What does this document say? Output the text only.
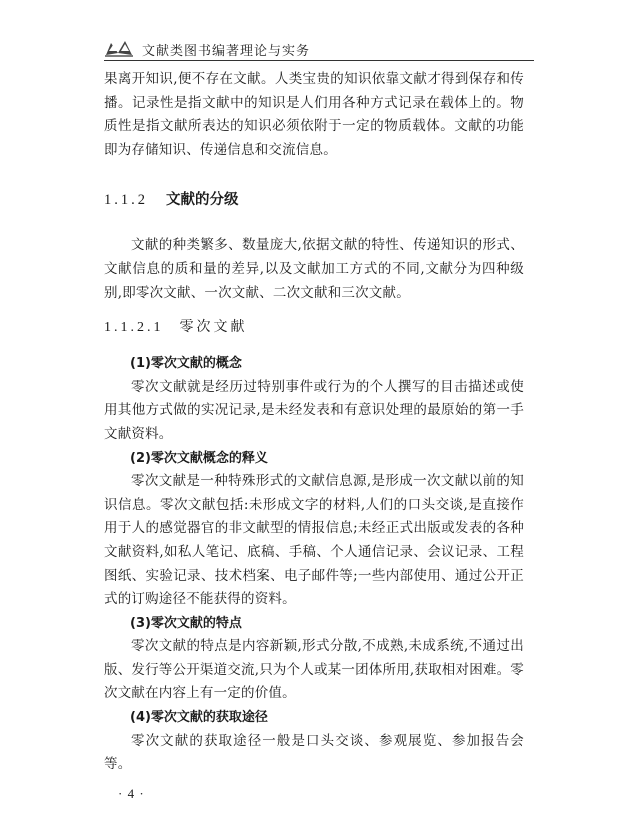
文献类图书编著理论与实务

果离开知识,便不存在文献。人类宝贵的知识依靠文献才得到保存和传播。记录性是指文献中的知识是人们用各种方式记录在载体上的。物质性是指文献所表达的知识必须依附于一定的物质载体。文献的功能即为存储知识、传递信息和交流信息。

1.1.2 文献的分级

文献的种类繁多、数量庞大,依据文献的特性、传递知识的形式、文献信息的质和量的差异,以及文献加工方式的不同,文献分为四种级别,即零次文献、一次文献、二次文献和三次文献。

1.1.2.1 零次文献

(1)零次文献的概念

零次文献就是经历过特别事件或行为的个人撰写的目击描述或使用其他方式做的实况记录,是未经发表和有意识处理的最原始的第一手文献资料。

(2)零次文献概念的释义

零次文献是一种特殊形式的文献信息源,是形成一次文献以前的知识信息。零次文献包括:未形成文字的材料,人们的口头交谈,是直接作用于人的感觉器官的非文献型的情报信息;未经正式出版或发表的各种文献资料,如私人笔记、底稿、手稿、个人通信记录、会议记录、工程图纸、实验记录、技术档案、电子邮件等;一些内部使用、通过公开正式的订购途径不能获得的资料。

(3)零次文献的特点

零次文献的特点是内容新颖,形式分散,不成熟,未成系统,不通过出版、发行等公开渠道交流,只为个人或某一团体所用,获取相对困难。零次文献在内容上有一定的价值。

(4)零次文献的获取途径

零次文献的获取途径一般是口头交谈、参观展览、参加报告会等。

· 4 ·
